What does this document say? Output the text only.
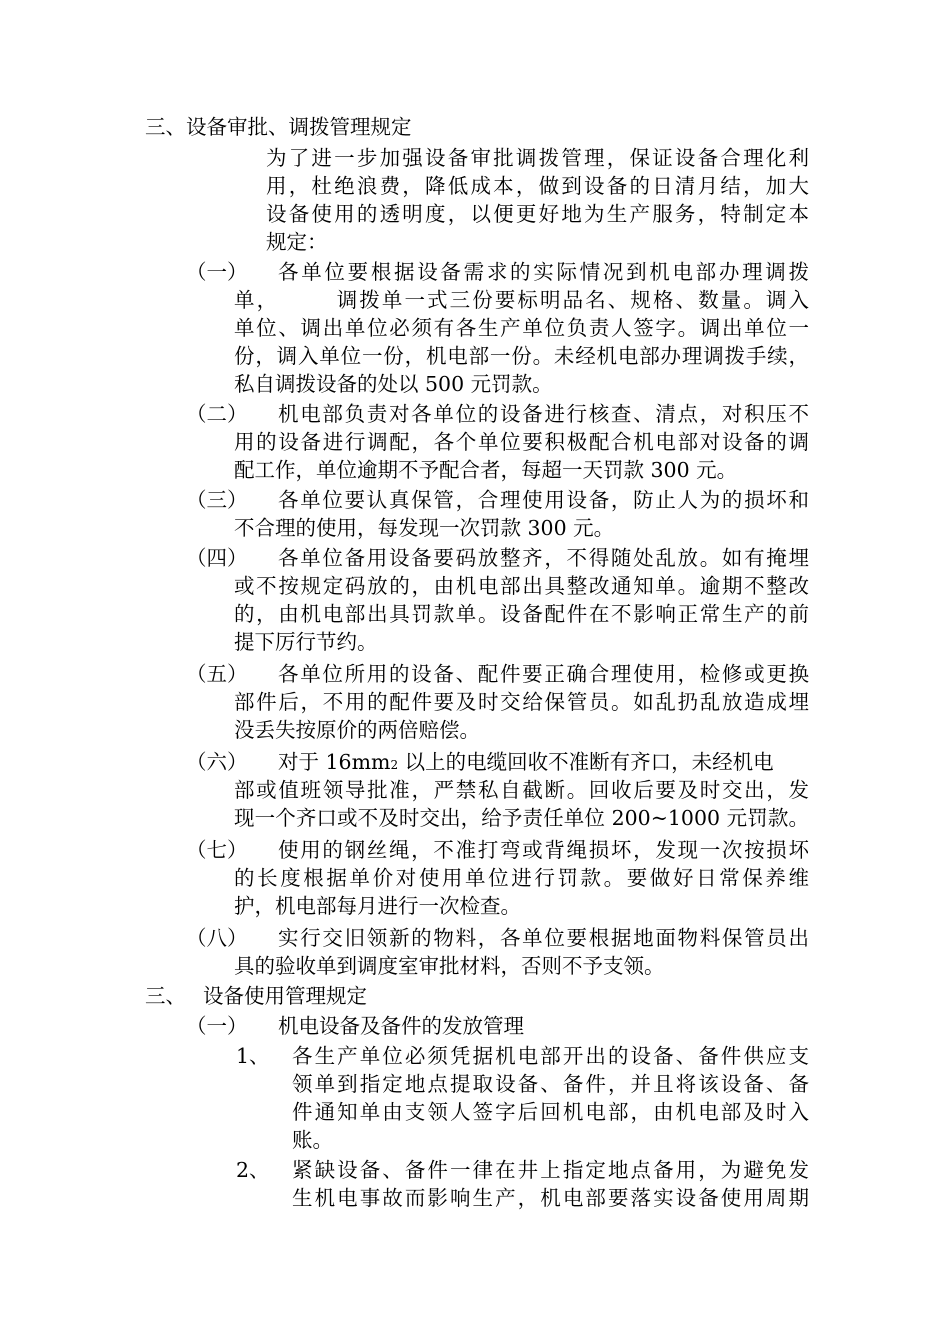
三、设备审批、调拨管理规定
为了进一步加强设备审批调拨管理，保证设备合理化利
用，杜绝浪费，降低成本，做到设备的日清月结，加大
设备使用的透明度，以便更好地为生产服务，特制定本
规定：
（一） 各单位要根据设备需求的实际情况到机电部办理调拨
单，　　　调拨单一式三份要标明品名、规格、数量。调入
单位、调出单位必须有各生产单位负责人签字。调出单位一
份，调入单位一份，机电部一份。未经机电部办理调拨手续，
私自调拨设备的处以 500 元罚款。
（二） 机电部负责对各单位的设备进行核查、清点，对积压不
用的设备进行调配，各个单位要积极配合机电部对设备的调
配工作，单位逾期不予配合者，每超一天罚款 300 元。
（三） 各单位要认真保管，合理使用设备，防止人为的损坏和
不合理的使用，每发现一次罚款 300 元。
（四） 各单位备用设备要码放整齐，不得随处乱放。如有掩埋
或不按规定码放的，由机电部出具整改通知单。逾期不整改
的，由机电部出具罚款单。设备配件在不影响正常生产的前
提下厉行节约。
（五） 各单位所用的设备、配件要正确合理使用，检修或更换
部件后，不用的配件要及时交给保管员。如乱扔乱放造成埋
没丢失按原价的两倍赔偿。
（六） 对于 16mm2 以上的电缆回收不准断有齐口，未经机电
部或值班领导批准，严禁私自截断。回收后要及时交出，发
现一个齐口或不及时交出，给予责任单位 200~1000 元罚款。
（七） 使用的钢丝绳，不准打弯或背绳损坏，发现一次按损坏
的长度根据单价对使用单位进行罚款。要做好日常保养维
护，机电部每月进行一次检查。
（八） 实行交旧领新的物料，各单位要根据地面物料保管员出
具的验收单到调度室审批材料，否则不予支领。
三、 设备使用管理规定
（一） 机电设备及备件的发放管理
1、 各生产单位必须凭据机电部开出的设备、备件供应支
领单到指定地点提取设备、备件，并且将该设备、备
件通知单由支领人签字后回机电部，由机电部及时入
账。
2、 紧缺设备、备件一律在井上指定地点备用，为避免发
生机电事故而影响生产，机电部要落实设备使用周期
